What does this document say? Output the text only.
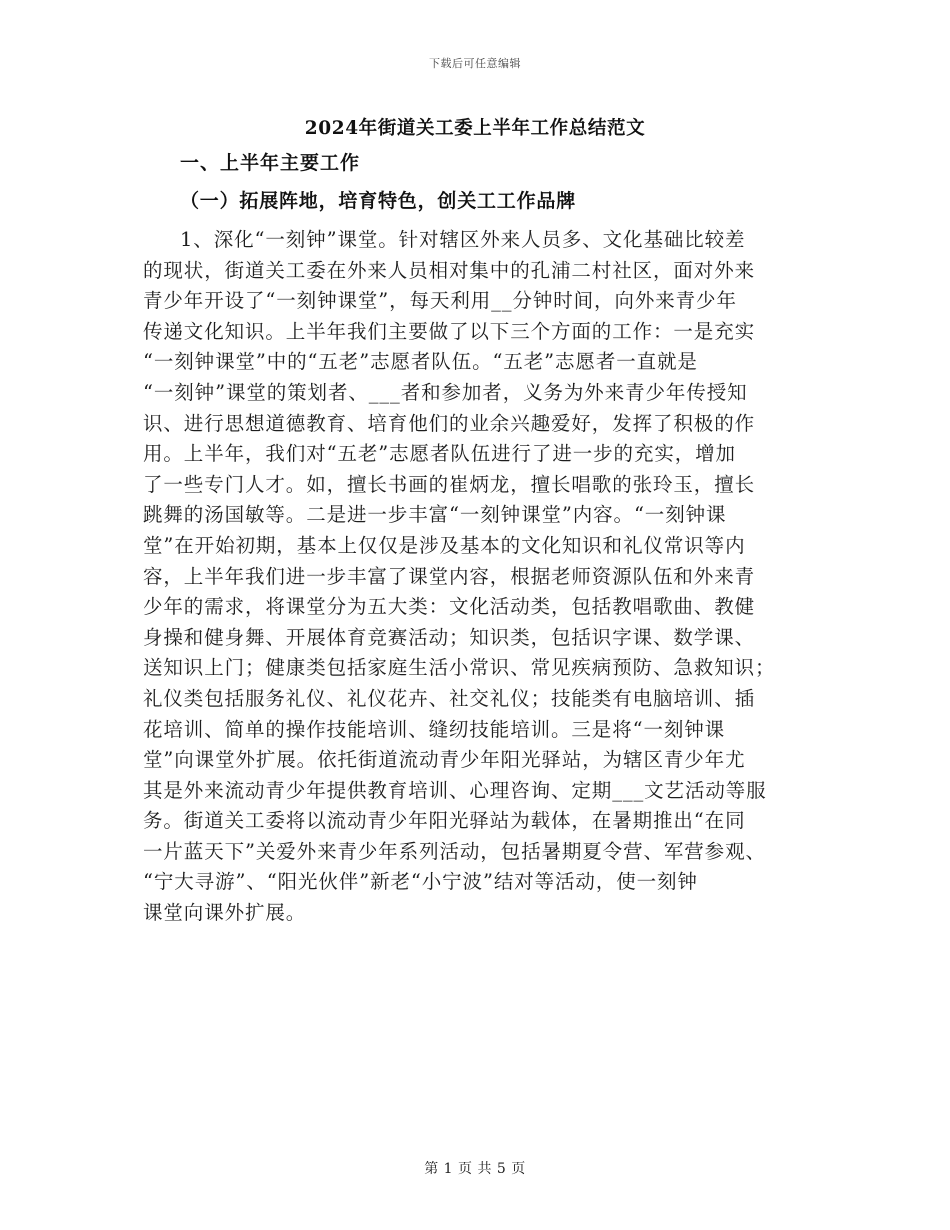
下载后可任意编辑
2024年街道关工委上半年工作总结范文
一、上半年主要工作
（一）拓展阵地，培育特色，创关工工作品牌
1、深化“一刻钟”课堂。针对辖区外来人员多、文化基础比较差
的现状，街道关工委在外来人员相对集中的孔浦二村社区，面对外来
青少年开设了“一刻钟课堂”，每天利用__分钟时间，向外来青少年
传递文化知识。上半年我们主要做了以下三个方面的工作：一是充实
“一刻钟课堂”中的“五老”志愿者队伍。“五老”志愿者一直就是
“一刻钟”课堂的策划者、___者和参加者，义务为外来青少年传授知
识、进行思想道德教育、培育他们的业余兴趣爱好，发挥了积极的作
用。上半年，我们对“五老”志愿者队伍进行了进一步的充实，增加
了一些专门人才。如，擅长书画的崔炳龙，擅长唱歌的张玲玉，擅长
跳舞的汤国敏等。二是进一步丰富“一刻钟课堂”内容。“一刻钟课
堂”在开始初期，基本上仅仅是涉及基本的文化知识和礼仪常识等内
容，上半年我们进一步丰富了课堂内容，根据老师资源队伍和外来青
少年的需求，将课堂分为五大类：文化活动类，包括教唱歌曲、教健
身操和健身舞、开展体育竞赛活动；知识类，包括识字课、数学课、
送知识上门；健康类包括家庭生活小常识、常见疾病预防、急救知识；
礼仪类包括服务礼仪、礼仪花卉、社交礼仪；技能类有电脑培训、插
花培训、简单的操作技能培训、缝纫技能培训。三是将“一刻钟课
堂”向课堂外扩展。依托街道流动青少年阳光驿站，为辖区青少年尤
其是外来流动青少年提供教育培训、心理咨询、定期___文艺活动等服
务。街道关工委将以流动青少年阳光驿站为载体，在暑期推出“在同
一片蓝天下”关爱外来青少年系列活动，包括暑期夏令营、军营参观、
“宁大寻游”、“阳光伙伴”新老“小宁波”结对等活动，使一刻钟
课堂向课外扩展。
第 1 页 共 5 页
